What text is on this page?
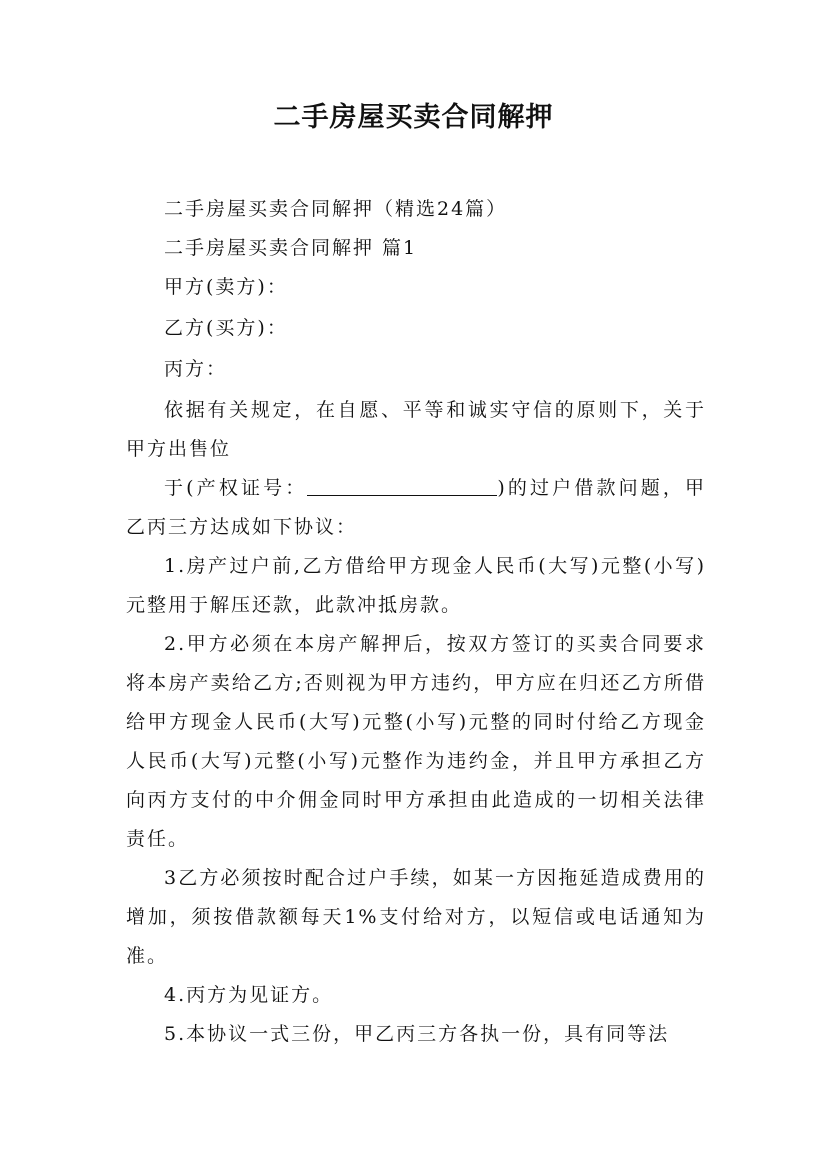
二手房屋买卖合同解押

二手房屋买卖合同解押（精选24篇）

二手房屋买卖合同解押 篇1

甲方(卖方)：

乙方(买方)：

丙方：

依据有关规定，在自愿、平等和诚实守信的原则下，关于甲方出售位

于(产权证号：	)的过户借款问题，甲乙丙三方达成如下协议：

1.房产过户前,乙方借给甲方现金人民币(大写)元整(小写)元整用于解压还款，此款冲抵房款。

2.甲方必须在本房产解押后，按双方签订的买卖合同要求将本房产卖给乙方;否则视为甲方违约，甲方应在归还乙方所借给甲方现金人民币(大写)元整(小写)元整的同时付给乙方现金人民币(大写)元整(小写)元整作为违约金，并且甲方承担乙方向丙方支付的中介佣金同时甲方承担由此造成的一切相关法律责任。

3乙方必须按时配合过户手续，如某一方因拖延造成费用的增加，须按借款额每天1%支付给对方，以短信或电话通知为准。

4.丙方为见证方。

5.本协议一式三份，甲乙丙三方各执一份，具有同等法
